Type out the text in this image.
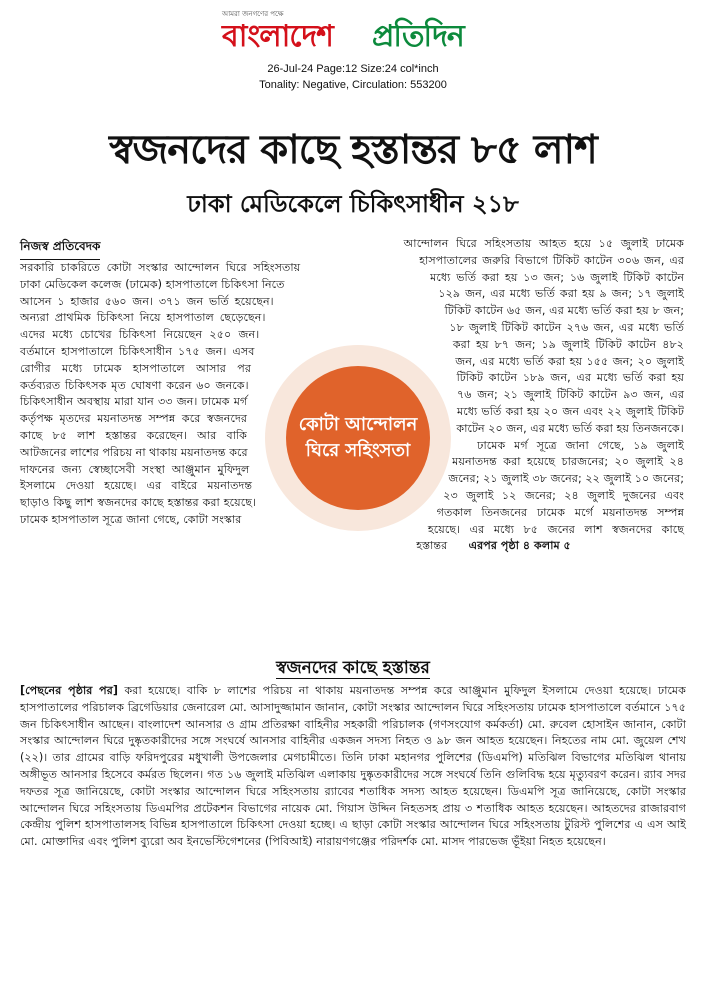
আমরা জনগণের পক্ষে
বাংলাদেশ প্রতিদিন
26-Jul-24 Page:12 Size:24 col*inch
Tonality: Negative, Circulation: 553200
স্বজনদের কাছে হস্তান্তর ৮৫ লাশ
ঢাকা মেডিকেলে চিকিৎসাধীন ২১৮
নিজস্ব প্রতিবেদক
কোটা আন্দোলন ঘিরে সহিংসতা

সরকারি চাকরিতে কোটা সংস্কার আন্দোলন ঘিরে সহিংসতায় ঢাকা মেডিকেল কলেজ (ঢামেক) হাসপাতালে চিকিৎসা নিতে আসেন ১ হাজার ৫৬০ জন। ৩৭১ জন ভর্তি হয়েছেন। অন্যরা প্রাথমিক চিকিৎসা নিয়ে হাসপাতাল ছেড়েছেন। এদের মধ্যে চোখের চিকিৎসা নিয়েছেন ২৫০ জন। বর্তমানে হাসপাতালে চিকিৎসাধীন ১৭৫ জন। এসব রোগীর মধ্যে ঢামেক হাসপাতালে আসার পর কর্তব্যরত চিকিৎসক মৃত ঘোষণা করেন ৬০ জনকে। চিকিৎসাধীন অবস্থায় মারা যান ৩৩ জন। ঢামেক মর্গ কর্তৃপক্ষ মৃতদের ময়নাতদন্ত সম্পন্ন করে স্বজনদের কাছে ৮৫ লাশ হস্তান্তর করেছেন। আর বাকি আটজনের লাশের পরিচয় না থাকায় ময়নাতদন্ত করে দাফনের জন্য স্বেচ্ছাসেবী সংস্থা আঞ্জুমান মুফিদুল ইসলামে দেওয়া হয়েছে। এর বাইরে ময়নাতদন্ত ছাড়াও কিছু লাশ স্বজনদের কাছে হস্তান্তর করা হয়েছে। ঢামেক হাসপাতাল সূত্রে জানা গেছে, কোটা সংস্কার

আন্দোলন ঘিরে সহিংসতায় আহত হয়ে ১৫ জুলাই ঢামেক হাসপাতালের জরুরি বিভাগে টিকিট কাটেন ৩০৬ জন, এর মধ্যে ভর্তি করা হয় ১৩ জন; ১৬ জুলাই টিকিট কাটেন ১২৯ জন, এর মধ্যে ভর্তি করা হয় ৯ জন; ১৭ জুলাই টিকিট কাটেন ৬৫ জন, এর মধ্যে ভর্তি করা হয় ৮ জন; ১৮ জুলাই টিকিট কাটেন ২৭৬ জন, এর মধ্যে ভর্তি করা হয় ৮৭ জন; ১৯ জুলাই টিকিট কাটেন ৪৮২ জন, এর মধ্যে ভর্তি করা হয় ১৫৫ জন; ২০ জুলাই টিকিট কাটেন ১৮৯ জন, এর মধ্যে ভর্তি করা হয় ৭৬ জন; ২১ জুলাই টিকিট কাটেন ৯৩ জন, এর মধ্যে ভর্তি করা হয় ২০ জন এবং ২২ জুলাই টিকিট কাটেন ২০ জন, এর মধ্যে ভর্তি করা হয় তিনজনকে।

ঢামেক মর্গ সূত্রে জানা গেছে, ১৯ জুলাই ময়নাতদন্ত করা হয়েছে চারজনের; ২০ জুলাই ২৪ জনের; ২১ জুলাই ৩৮ জনের; ২২ জুলাই ১০ জনের; ২৩ জুলাই ১২ জনের; ২৪ জুলাই দুজনের এবং গতকাল তিনজনের ঢামেক মর্গে ময়নাতদন্ত সম্পন্ন হয়েছে। এর মধ্যে ৮৫ জনের লাশ স্বজনদের কাছে হস্তান্তর এরপর পৃষ্ঠা ৪ কলাম ৫

স্বজনদের কাছে হস্তান্তর

[পেছনের পৃষ্ঠার পর] করা হয়েছে। বাকি ৮ লাশের পরিচয় না থাকায় ময়নাতদন্ত সম্পন্ন করে আঞ্জুমান মুফিদুল ইসলামে দেওয়া হয়েছে। ঢামেক হাসপাতালের পরিচালক ব্রিগেডিয়ার জেনারেল মো. আসাদুজ্জামান জানান, কোটা সংস্কার আন্দোলন ঘিরে সহিংসতায় ঢামেক হাসপাতালে বর্তমানে ১৭৫ জন চিকিৎসাধীন আছেন। বাংলাদেশ আনসার ও গ্রাম প্রতিরক্ষা বাহিনীর সহকারী পরিচালক (গণসংযোগ কর্মকর্তা) মো. রুবেল হোসাইন জানান, কোটা সংস্কার আন্দোলন ঘিরে দুষ্কৃতকারীদের সঙ্গে সংঘর্ষে আনসার বাহিনীর একজন সদস্য নিহত ও ৯৮ জন আহত হয়েছেন। নিহতের নাম মো. জুয়েল শেখ (২২)। তার গ্রামের বাড়ি ফরিদপুরের মধুখালী উপজেলার মেগচামীতে। তিনি ঢাকা মহানগর পুলিশের (ডিএমপি) মতিঝিল বিভাগের মতিঝিল থানায় অঙ্গীভূত আনসার হিসেবে কর্মরত ছিলেন। গত ১৬ জুলাই মতিঝিল এলাকায় দুষ্কৃতকারীদের সঙ্গে সংঘর্ষে তিনি গুলিবিদ্ধ হয়ে মৃত্যুবরণ করেন। র‌্যাব সদর দফতর সূত্র জানিয়েছে, কোটা সংস্কার আন্দোলন ঘিরে সহিংসতায় র‌্যাবের শতাধিক সদস্য আহত হয়েছেন। ডিএমপি সূত্র জানিয়েছে, কোটা সংস্কার আন্দোলন ঘিরে সহিংসতায় ডিএমপির প্রটেকশন বিভাগের নায়েক মো. গিয়াস উদ্দিন নিহতসহ প্রায় ৩ শতাধিক আহত হয়েছেন। আহতদের রাজারবাগ কেন্দ্রীয় পুলিশ হাসপাতালসহ বিভিন্ন হাসপাতালে চিকিৎসা দেওয়া হচ্ছে। এ ছাড়া কোটা সংস্কার আন্দোলন ঘিরে সহিংসতায় টুরিস্ট পুলিশের এ এস আই মো. মোক্তাদির এবং পুলিশ ব্যুরো অব ইনভেস্টিগেশনের (পিবিআই) নারায়ণগঞ্জের পরিদর্শক মো. মাসদ পারভেজ ভূঁইয়া নিহত হয়েছেন।
